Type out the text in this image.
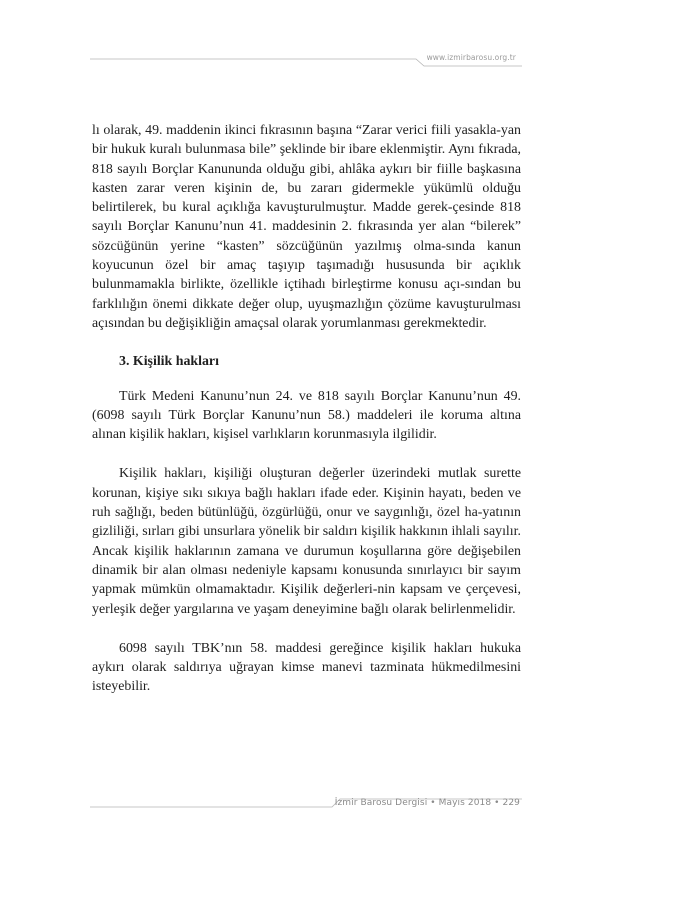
www.izmirbarosu.org.tr

lı olarak, 49. maddenin ikinci fıkrasının başına “Zarar verici fiili yasakla-yan bir hukuk kuralı bulunmasa bile” şeklinde bir ibare eklenmiştir. Aynı fıkrada, 818 sayılı Borçlar Kanununda olduğu gibi, ahlâka aykırı bir fiille başkasına kasten zarar veren kişinin de, bu zararı gidermekle yükümlü olduğu belirtilerek, bu kural açıklığa kavuşturulmuştur. Madde gerek-çesinde 818 sayılı Borçlar Kanunu’nun 41. maddesinin 2. fıkrasında yer alan “bilerek” sözcüğünün yerine “kasten” sözcüğünün yazılmış olma-sında kanun koyucunun özel bir amaç taşıyıp taşımadığı hususunda bir açıklık bulunmamakla birlikte, özellikle içtihadı birleştirme konusu açı-sından bu farklılığın önemi dikkate değer olup, uyuşmazlığın çözüme kavuşturulması açısından bu değişikliğin amaçsal olarak yorumlanması gerekmektedir.

3. Kişilik hakları

Türk Medeni Kanunu’nun 24. ve 818 sayılı Borçlar Kanunu’nun 49. (6098 sayılı Türk Borçlar Kanunu’nun 58.) maddeleri ile koruma altına alınan kişilik hakları, kişisel varlıkların korunmasıyla ilgilidir.

Kişilik hakları, kişiliği oluşturan değerler üzerindeki mutlak surette korunan, kişiye sıkı sıkıya bağlı hakları ifade eder. Kişinin hayatı, beden ve ruh sağlığı, beden bütünlüğü, özgürlüğü, onur ve saygınlığı, özel ha-yatının gizliliği, sırları gibi unsurlara yönelik bir saldırı kişilik hakkının ihlali sayılır. Ancak kişilik haklarının zamana ve durumun koşullarına göre değişebilen dinamik bir alan olması nedeniyle kapsamı konusunda sınırlayıcı bir sayım yapmak mümkün olmamaktadır. Kişilik değerleri-nin kapsam ve çerçevesi, yerleşik değer yargılarına ve yaşam deneyimine bağlı olarak belirlenmelidir.

6098 sayılı TBK’nın 58. maddesi gereğince kişilik hakları hukuka aykırı olarak saldırıya uğrayan kimse manevi tazminata hükmedilmesini isteyebilir.

İzmir Barosu Dergisi • Mayıs 2018 • 229
